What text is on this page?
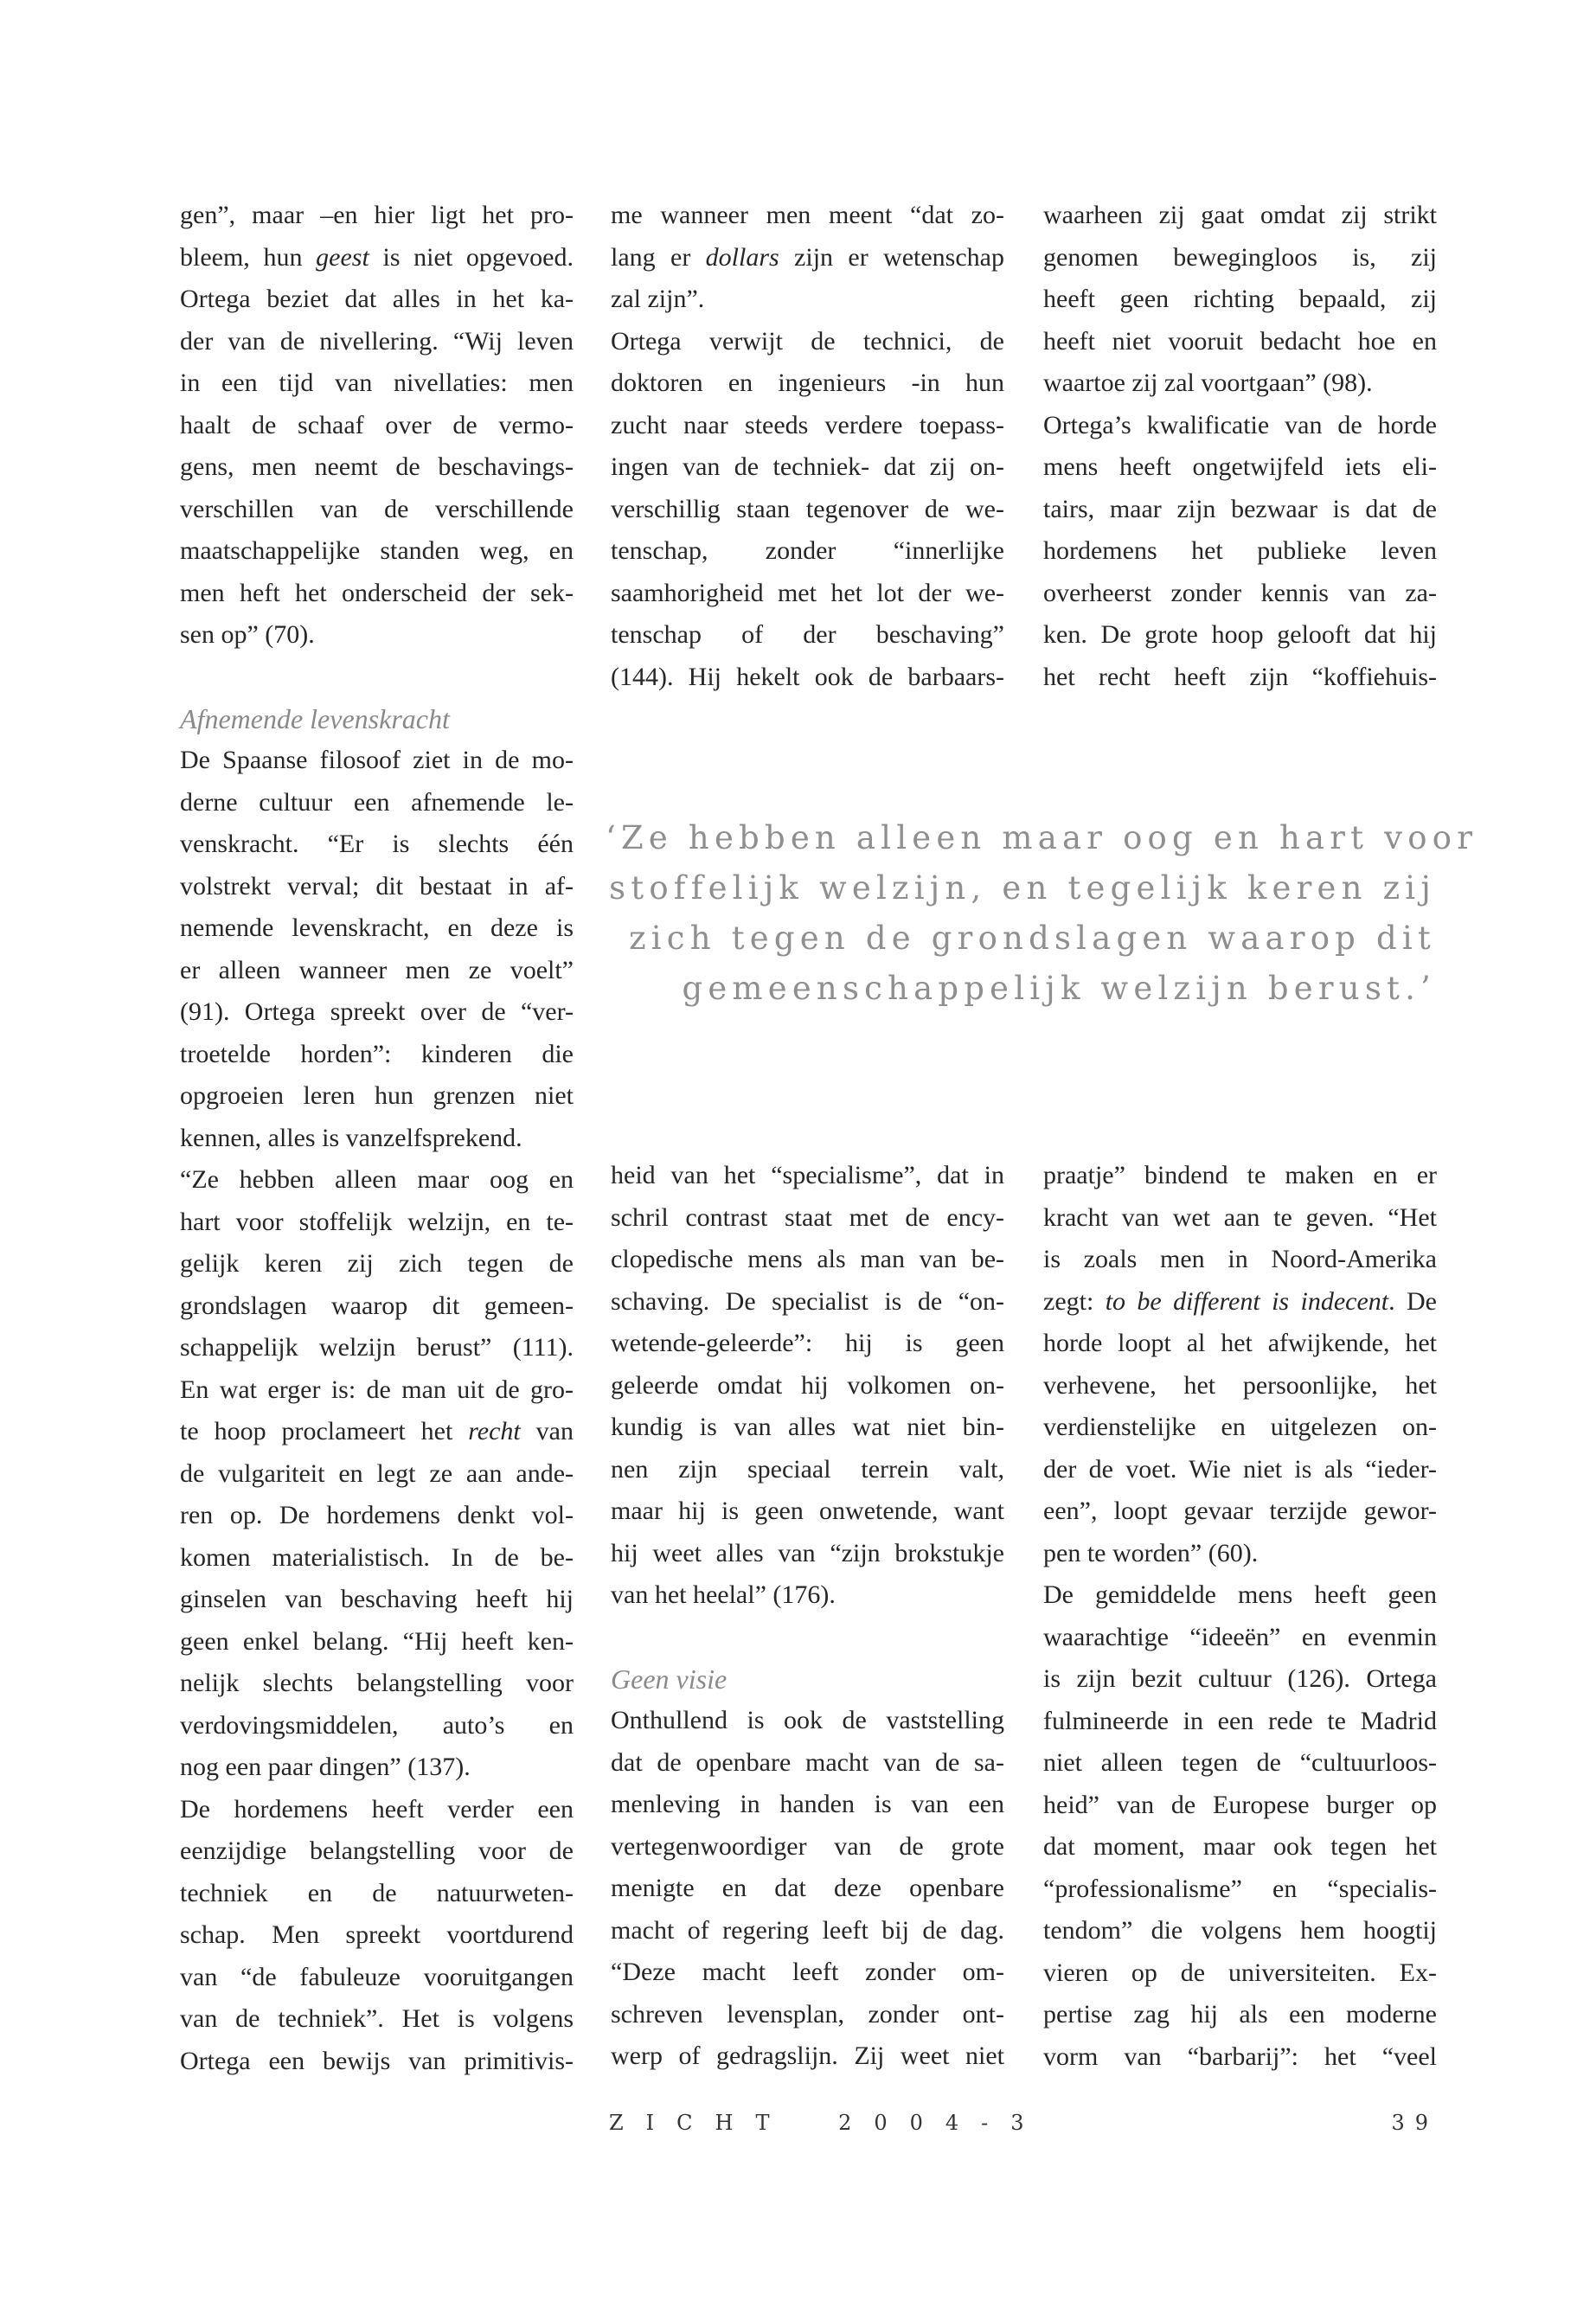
gen”, maar –en hier ligt het pro-
bleem, hun geest is niet opgevoed.
Ortega beziet dat alles in het ka-
der van de nivellering. “Wij leven
in een tijd van nivellaties: men
haalt de schaaf over de vermo-
gens, men neemt de beschavings-
verschillen van de verschillende
maatschappelijke standen weg, en
men heft het onderscheid der sek-
sen op” (70).

Afnemende levenskracht

De Spaanse filosoof ziet in de mo-
derne cultuur een afnemende le-
venskracht. “Er is slechts één
volstrekt verval; dit bestaat in af-
nemende levenskracht, en deze is
er alleen wanneer men ze voelt”
(91). Ortega spreekt over de “ver-
troetelde horden”: kinderen die
opgroeien leren hun grenzen niet
kennen, alles is vanzelfsprekend.
“Ze hebben alleen maar oog en
hart voor stoffelijk welzijn, en te-
gelijk keren zij zich tegen de
grondslagen waarop dit gemeen-
schappelijk welzijn berust” (111).
En wat erger is: de man uit de gro-
te hoop proclameert het recht van
de vulgariteit en legt ze aan ande-
ren op. De hordemens denkt vol-
komen materialistisch. In de be-
ginselen van beschaving heeft hij
geen enkel belang. “Hij heeft ken-
nelijk slechts belangstelling voor
verdovingsmiddelen, auto’s en
nog een paar dingen” (137).

De hordemens heeft verder een
eenzijdige belangstelling voor de
techniek en de natuurweten-
schap. Men spreekt voortdurend
van “de fabuleuze vooruitgangen
van de techniek”. Het is volgens
Ortega een bewijs van primitivis-

me wanneer men meent “dat zo-
lang er dollars zijn er wetenschap
zal zijn”.

Ortega verwijt de technici, de
doktoren en ingenieurs -in hun
zucht naar steeds verdere toepass-
ingen van de techniek- dat zij on-
verschillig staan tegenover de we-
tenschap, zonder “innerlijke
saamhorigheid met het lot der we-
tenschap of der beschaving”
(144). Hij hekelt ook de barbaars-

waarheen zij gaat omdat zij strikt
genomen bewegingloos is, zij
heeft geen richting bepaald, zij
heeft niet vooruit bedacht hoe en
waartoe zij zal voortgaan” (98).

Ortega’s kwalificatie van de horde
mens heeft ongetwijfeld iets eli-
tairs, maar zijn bezwaar is dat de
hordemens het publieke leven
overheerst zonder kennis van za-
ken. De grote hoop gelooft dat hij
het recht heeft zijn “koffiehuis-

‘Ze hebben alleen maar oog en hart voor
stoffelijk welzijn, en tegelijk keren zij
zich tegen de grondslagen waarop dit
gemeenschappelijk welzijn berust.’

heid van het “specialisme”, dat in
schril contrast staat met de ency-
clopedische mens als man van be-
schaving. De specialist is de “on-
wetende-geleerde”: hij is geen
geleerde omdat hij volkomen on-
kundig is van alles wat niet bin-
nen zijn speciaal terrein valt,
maar hij is geen onwetende, want
hij weet alles van “zijn brokstukje
van het heelal” (176).

Geen visie

Onthullend is ook de vaststelling
dat de openbare macht van de sa-
menleving in handen is van een
vertegenwoordiger van de grote
menigte en dat deze openbare
macht of regering leeft bij de dag.
“Deze macht leeft zonder om-
schreven levensplan, zonder ont-
werp of gedragslijn. Zij weet niet

praatje” bindend te maken en er
kracht van wet aan te geven. “Het
is zoals men in Noord-Amerika
zegt: to be different is indecent. De
horde loopt al het afwijkende, het
verhevene, het persoonlijke, het
verdienstelijke en uitgelezen on-
der de voet. Wie niet is als “ieder-
een”, loopt gevaar terzijde gewor-
pen te worden” (60).

De gemiddelde mens heeft geen
waarachtige “ideeën” en evenmin
is zijn bezit cultuur (126). Ortega
fulmineerde in een rede te Madrid
niet alleen tegen de “cultuurloos-
heid” van de Europese burger op
dat moment, maar ook tegen het
“professionalisme” en “specialis-
tendom” die volgens hem hoogtij
vieren op de universiteiten. Ex-
pertise zag hij als een moderne
vorm van “barbarij”: het “veel

ZICHT 2004-3	39
